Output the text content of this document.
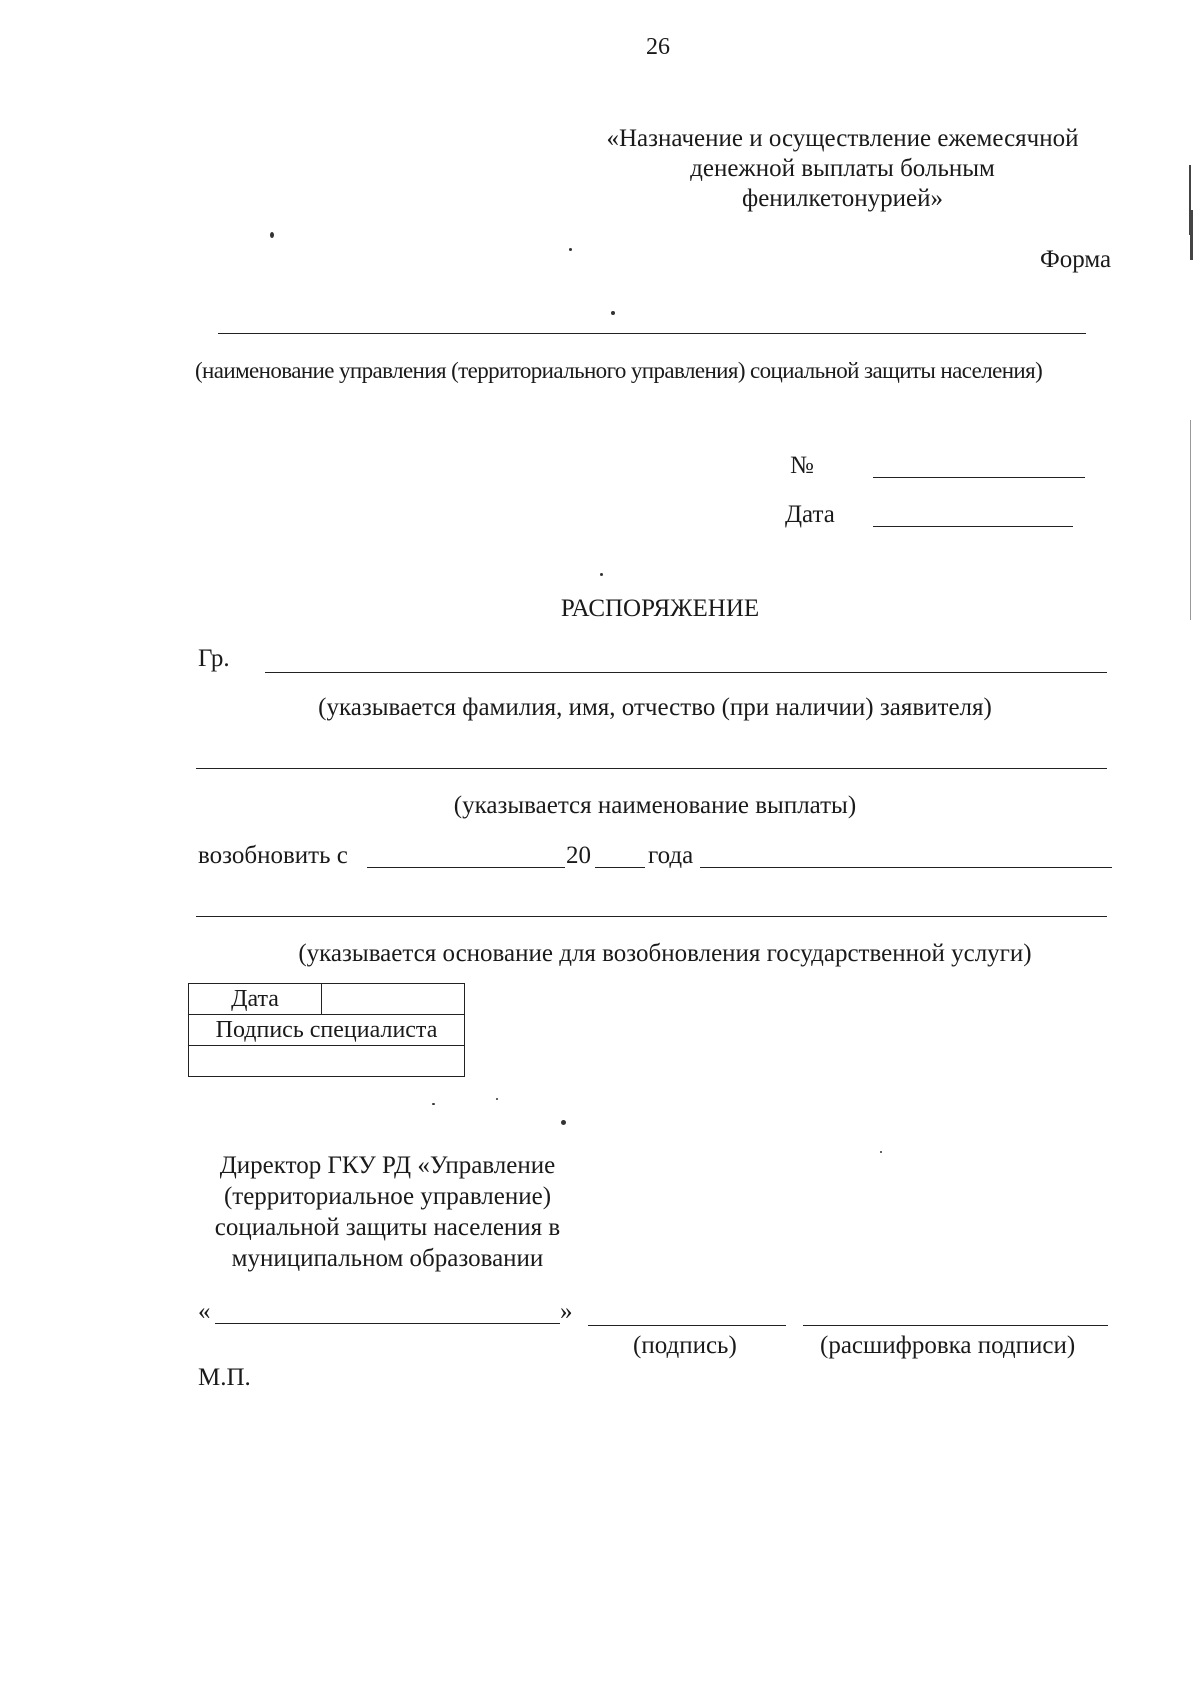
26
«Назначение и осуществление ежемесячной
денежной выплаты больным
фенилкетонурией»
Форма
(наименование управления (территориального управления) социальной защиты населения)
№
Дата
РАСПОРЯЖЕНИЕ
Гр.
(указывается фамилия, имя, отчество (при наличии) заявителя)
(указывается наименование выплаты)
возобновить с	20 года
(указывается основание для возобновления государственной услуги)
Дата	
Подпись специалиста

Директор ГКУ РД «Управление
(территориальное управление)
социальной защиты населения в
муниципальном образовании
«	»
(подпись)	(расшифровка подписи)
М.П.
